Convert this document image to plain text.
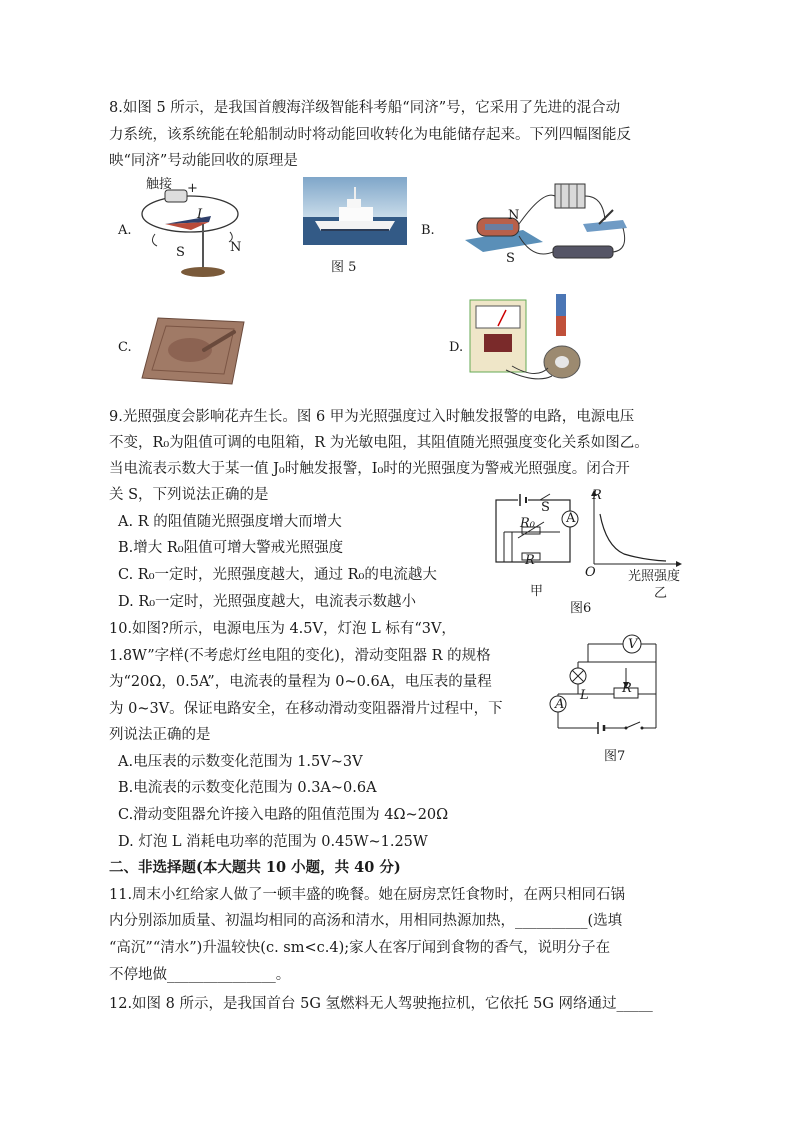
8.如图 5 所示，是我国首艘海洋级智能科考船“同济”号，它采用了先进的混合动
力系统，该系统能在轮船制动时将动能回收转化为电能储存起来。下列四幅图能反
映“同济”号动能回收的原理是
A.
触接 +
I
S	N
图 5
B.
N
S
C.	D.
9.光照强度会影响花卉生长。图 6 甲为光照强度过入时触发报警的电路，电源电压
不变，R₀为阻值可调的电阻箱，R 为光敏电阻，其阻值随光照强度变化关系如图乙。
当电流表示数大于某一值 J₀时触发报警，I₀时的光照强度为警戒光照强度。闭合开
关 S，下列说法正确的是
A. R 的阻值随光照强度增大而增大
B.增大 R₀阻值可增大警戒光照强度
C. R₀一定时，光照强度越大，通过 R₀的电流越大
D. R₀一定时，光照强度越大，电流表示数越小
S
A
R₀
R
甲
R
O 光照强度
乙
图6
10.如图?所示，电源电压为 4.5V，灯泡 L 标有“3V，
1.8W”字样(不考虑灯丝电阻的变化)，滑动变阻器 R 的规格
为“20Ω，0.5A”，电流表的量程为 0~0.6A，电压表的量程
为 0~3V。保证电路安全，在移动滑动变阻器滑片过程中，下
列说法正确的是
A.电压表的示数变化范围为 1.5V~3V
B.电流表的示数变化范围为 0.3A~0.6A
C.滑动变阻器允许接入电路的阻值范围为 4Ω~20Ω
D. 灯泡 L 消耗电功率的范围为 0.45W~1.25W
V
A
L	R
图7
二、非选择题(本大题共 10 小题，共 40 分)
11.周末小红给家人做了一顿丰盛的晚餐。她在厨房烹饪食物时，在两只相同石锅
内分别添加质量、初温均相同的高汤和清水，用相同热源加热，__________(选填
“高沉”“清水”)升温较快(c. sm<c.4);家人在客厅闻到食物的香气，说明分子在
不停地做_______________。
12.如图 8 所示，是我国首台 5G 氢燃料无人驾驶拖拉机，它依托 5G 网络通过_____
